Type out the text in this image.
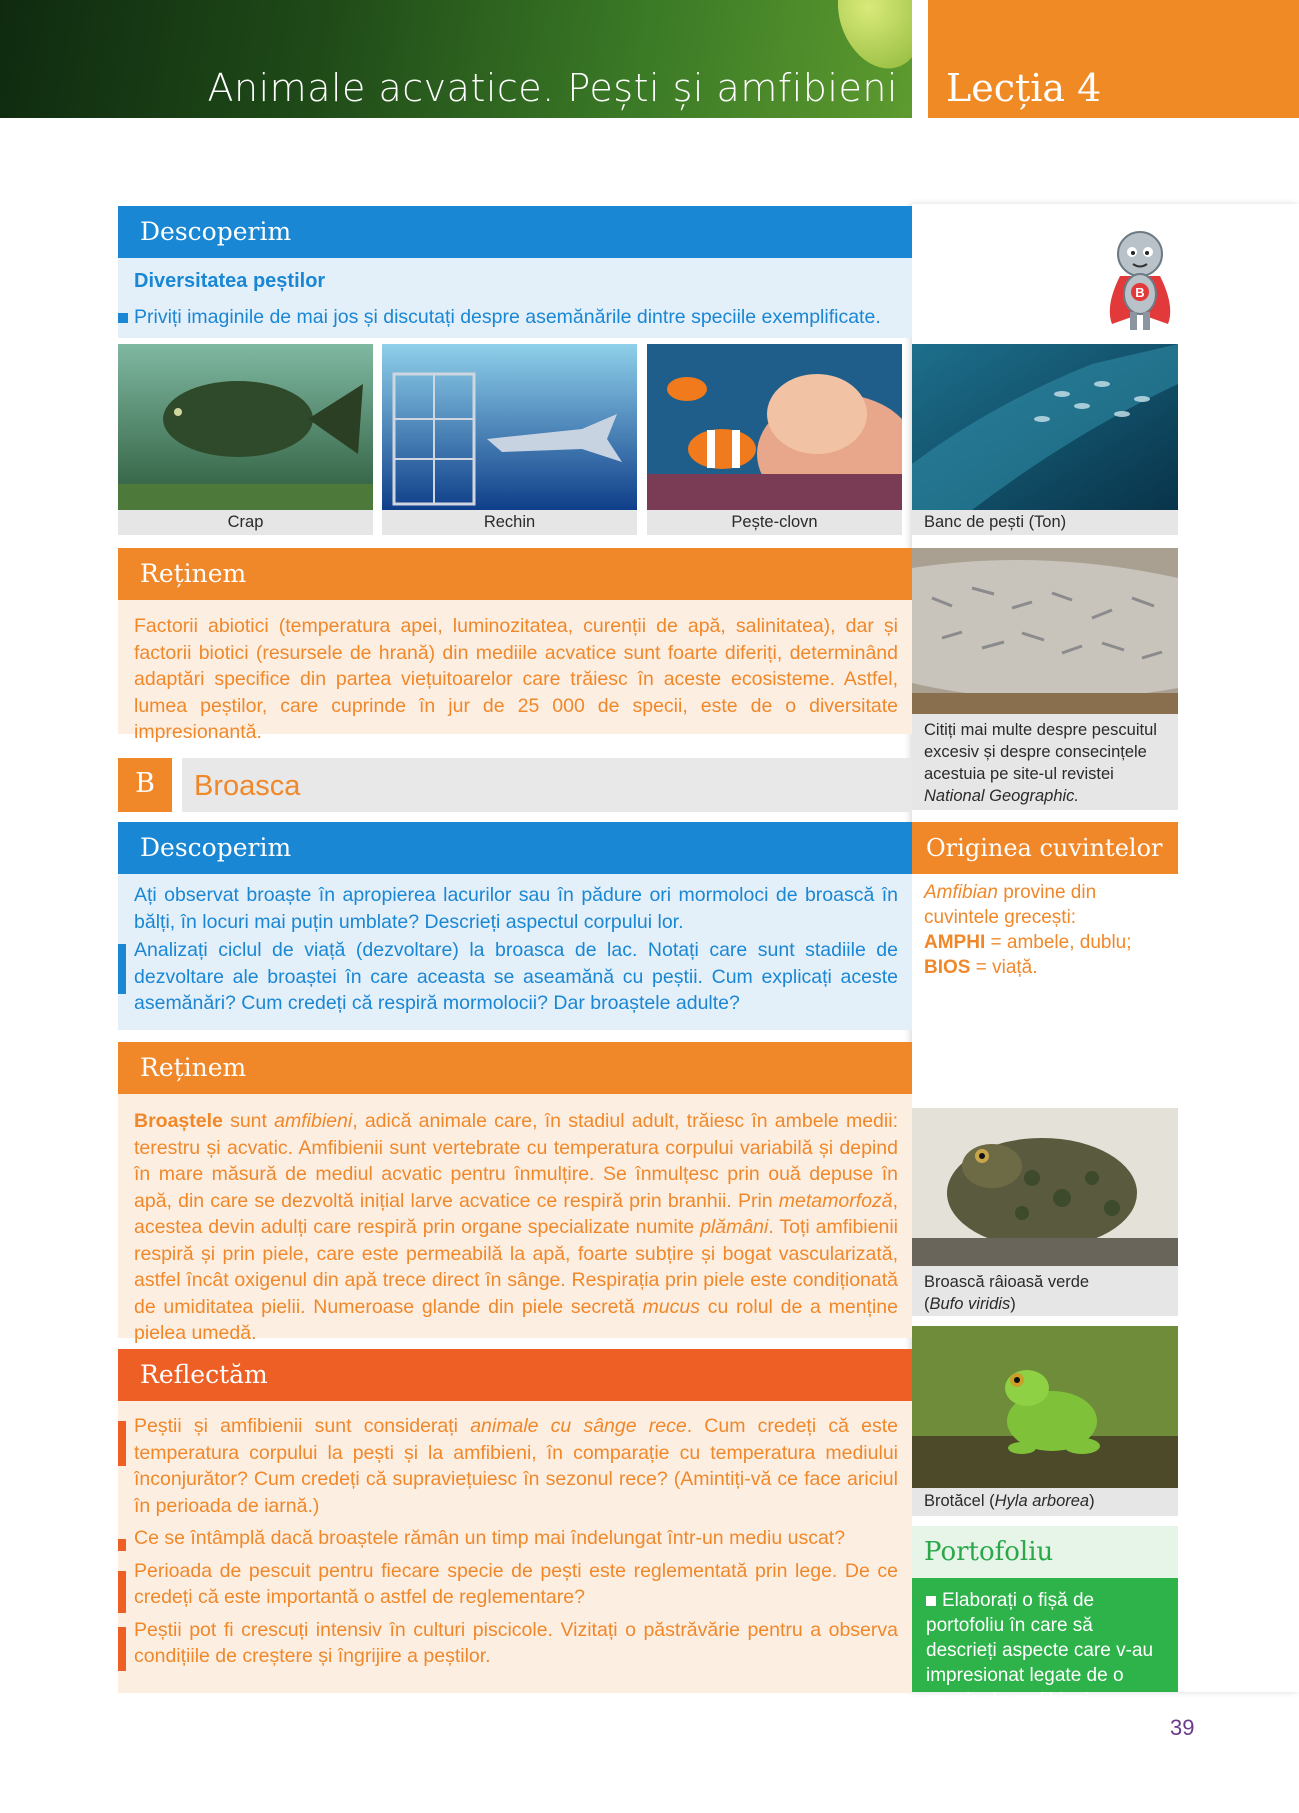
Animale acvatice. Pești și amfibieni Lecția 4
B
Descoperim
Diversitatea peștilor
Priviți imaginile de mai jos și discutați despre asemănările dintre speciile exemplificate.
Crap	Rechin	Pește-clovn	Banc de pești (Ton)
Reținem
Factorii abiotici (temperatura apei, luminozitatea, curenții de apă, salinitatea), dar și factorii biotici (resursele de hrană) din mediile acvatice sunt foarte diferiți, determinând adaptări specifice din partea viețuitoarelor care trăiesc în aceste ecosisteme. Astfel, lumea peștilor, care cuprinde în jur de 25 000 de specii, este de o diversitate impresionantă.	Citiți mai multe despre pescuitul excesiv și despre consecințele acestuia pe site-ul revistei
National Geographic.
B	Broasca
Descoperim
Ați observat broaște în apropierea lacurilor sau în pădure ori mormoloci de broască în bălți, în locuri mai puțin umblate? Descrieți aspectul corpului lor.
Analizați ciclul de viață (dezvoltare) la broasca de lac. Notați care sunt stadiile de dezvoltare ale broaștei în care aceasta se aseamănă cu peștii. Cum explicați aceste asemănări? Cum credeți că respiră mormolocii? Dar broaștele adulte?
Originea cuvintelor
Amfibian provine din cuvintele grecești:
AMPHI = ambele, dublu;
BIOS = viață.
Reținem
Broaștele sunt amfibieni, adică animale care, în stadiul adult, trăiesc în ambele medii: terestru și acvatic. Amfibienii sunt vertebrate cu temperatura corpului variabilă și depind în mare măsură de mediul acvatic pentru înmulțire. Se înmulțesc prin ouă depuse în apă, din care se dezvoltă inițial larve acvatice ce respiră prin branhii. Prin metamorfoză, acestea devin adulți care respiră prin organe specializate numite plămâni. Toți amfibienii respiră și prin piele, care este permeabilă la apă, foarte subțire și bogat vascularizată, astfel încât oxigenul din apă trece direct în sânge. Respirația prin piele este condiționată de umiditatea pielii. Numeroase glande din piele secretă mucus cu rolul de a menține pielea umedă.
Broască râioasă verde
(Bufo viridis)
Brotăcel (Hyla arborea)
Reflectăm
Peștii și amfibienii sunt considerați animale cu sânge rece. Cum credeți că este temperatura corpului la pești și la amfibieni, în comparație cu temperatura mediului înconjurător? Cum credeți că supraviețuiesc în sezonul rece? (Amintiți-vă ce face ariciul în perioada de iarnă.)
Ce se întâmplă dacă broaștele rămân un timp mai îndelungat într-un mediu uscat?
Perioada de pescuit pentru fiecare specie de pești este reglementată prin lege. De ce credeți că este importantă o astfel de reglementare?
Peștii pot fi crescuți intensiv în culturi piscicole. Vizitați o păstrăvărie pentru a observa condițiile de creștere și îngrijire a peștilor.
Portofoliu
Elaborați o fișă de portofoliu în care să descrieți aspecte care v-au impresionat legate de o specie de amfibieni.
39
